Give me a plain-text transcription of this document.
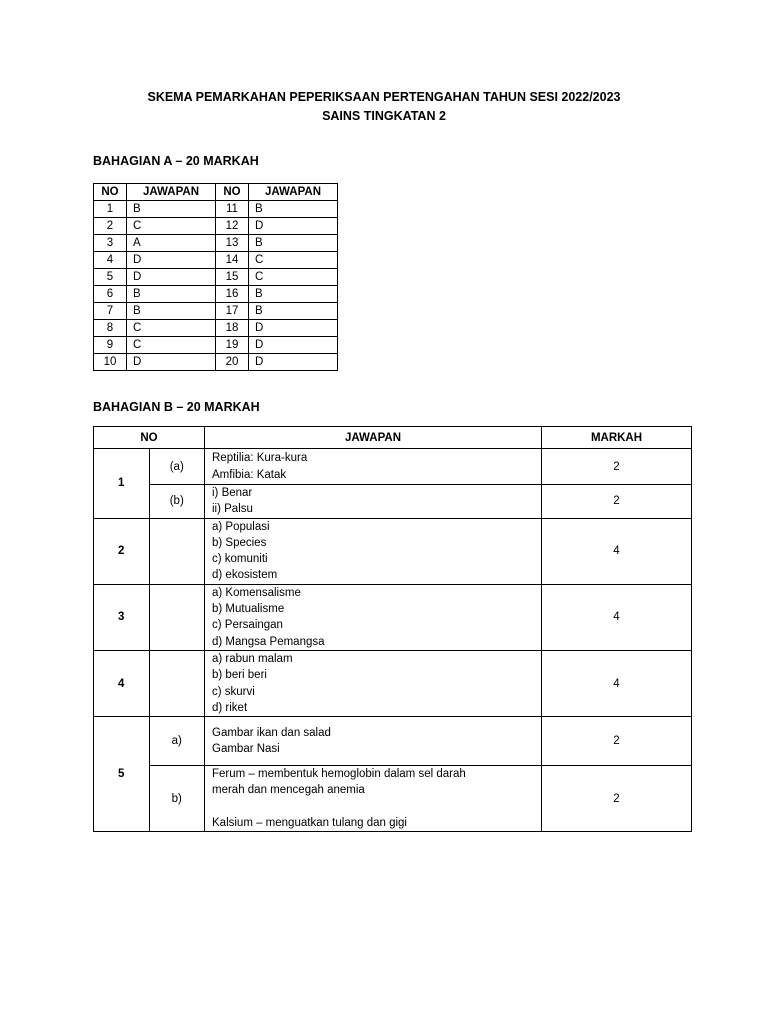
SKEMA PEMARKAHAN PEPERIKSAAN PERTENGAHAN TAHUN SESI 2022/2023
SAINS TINGKATAN 2
BAHAGIAN A – 20 MARKAH
NO	JAWAPAN	NO	JAWAPAN
1	B	11	B
2	C	12	D
3	A	13	B
4	D	14	C
5	D	15	C
6	B	16	B
7	B	17	B
8	C	18	D
9	C	19	D
10	D	20	D
BAHAGIAN B – 20 MARKAH
NO		JAWAPAN	MARKAH
1	(a)	Reptilia: Kura-kura
Amfibia: Katak	2
	(b)	i) Benar
ii) Palsu	2
2		a) Populasi
b) Species
c) komuniti
d) ekosistem	4
3		a) Komensalisme
b) Mutualisme
c) Persaingan
d) Mangsa Pemangsa	4
4		a) rabun malam
b) beri beri
c) skurvi
d) riket	4
5	a)	Gambar ikan dan salad
Gambar Nasi	2
	b)	Ferum – membentuk hemoglobin dalam sel darah
merah dan mencegah anemia
Kalsium – menguatkan tulang dan gigi	2
